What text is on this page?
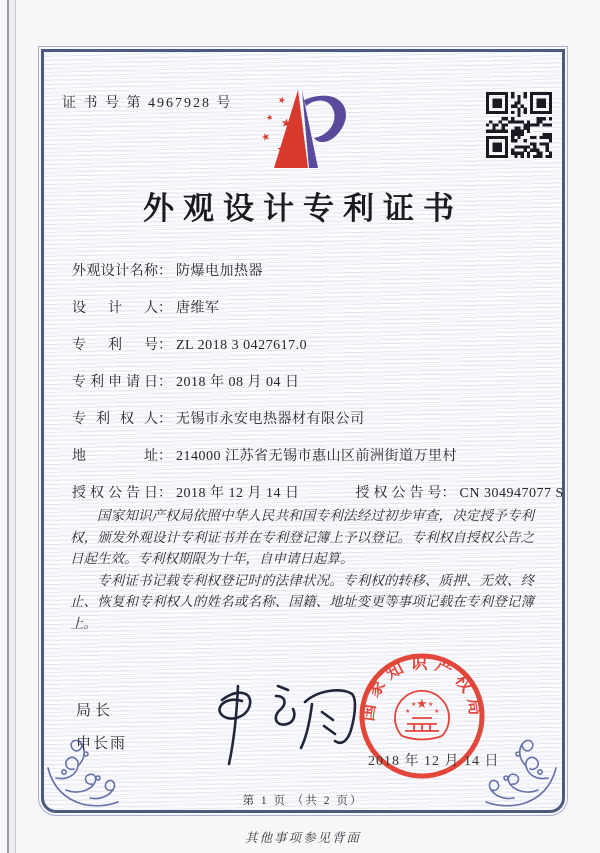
证 书 号 第 4967928 号
★
★
★
★
★
外观设计专利证书
外观设计名称： 防爆电加热器
设计人： 唐维军
专利号： ZL 2018 3 0427617.0
专利申请日： 2018 年 08 月 04 日
专利权人： 无锡市永安电热器材有限公司
地址： 214000 江苏省无锡市惠山区前洲街道万里村
授权公告日： 2018 年 12 月 14 日	授权公告号： CN 304947077 S

国家知识产权局依照中华人民共和国专利法经过初步审查，决定授予专利权，颁发外观设计专利证书并在专利登记簿上予以登记。专利权自授权公告之日起生效。专利权期限为十年，自申请日起算。

专利证书记载专利权登记时的法律状况。专利权的转移、质押、无效、终止、恢复和专利权人的姓名或名称、国籍、地址变更等事项记载在专利登记簿上。

局长
申长雨
国家知识产权局
★
★
★ ★
★
2018 年 12 月 14 日
第 1 页 （共 2 页）
其他事项参见背面
